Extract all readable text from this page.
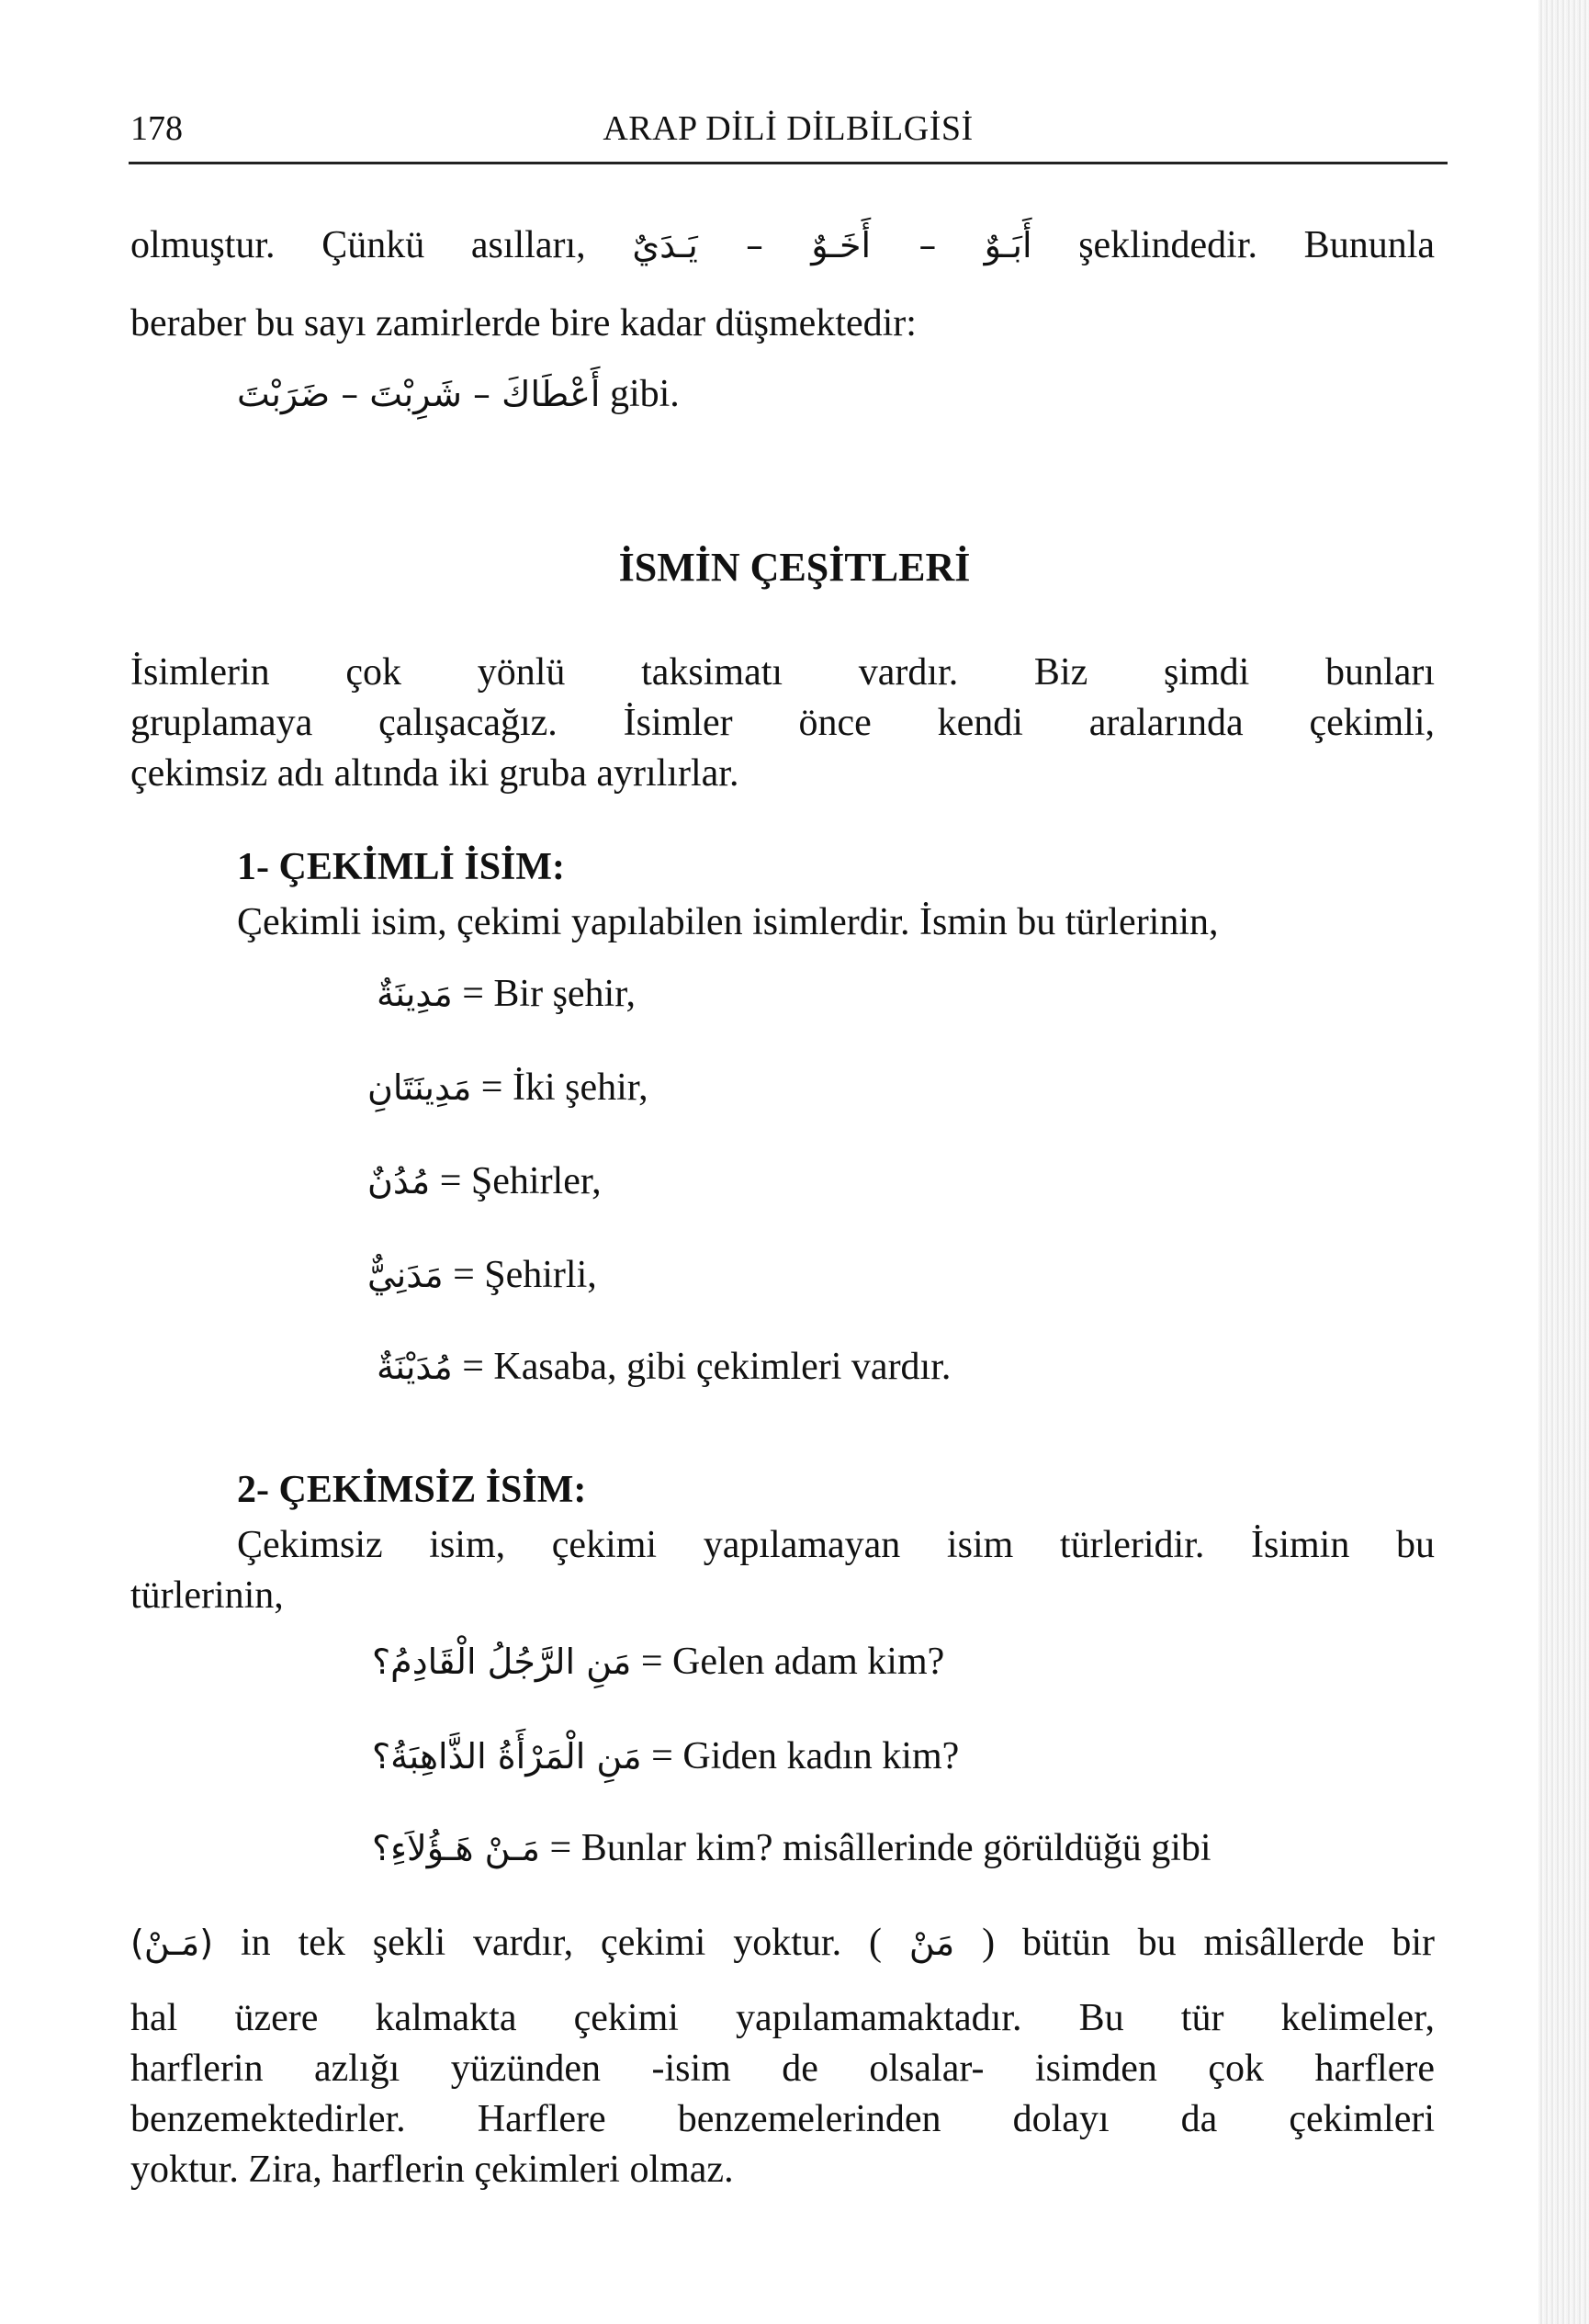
178	ARAP DİLİ DİLBİLGİSİ
olmuştur. Çünkü asılları, أَبَـوٌ – أَخَـوٌ – يَـدَيٌ şeklindedir. Bununla
beraber bu sayı zamirlerde bire kadar düşmektedir:
أَعْطَاكَ – شَرِبْتَ – ضَرَبْتَ gibi.
İSMİN ÇEŞİTLERİ
İsimlerin çok yönlü taksimatı vardır. Biz şimdi bunları
gruplamaya çalışacağız. İsimler önce kendi aralarında çekimli,
çekimsiz adı altında iki gruba ayrılırlar.
1- ÇEKİMLİ İSİM:
Çekimli isim, çekimi yapılabilen isimlerdir. İsmin bu türlerinin,
مَدِينَةٌ = Bir şehir,
مَدِينَتَانِ = İki şehir,
مُدُنٌ = Şehirler,
مَدَنِيٌّ = Şehirli,
مُدَيْنَةٌ = Kasaba, gibi çekimleri vardır.
2- ÇEKİMSİZ İSİM:
Çekimsiz isim, çekimi yapılamayan isim türleridir. İsimin bu
türlerinin,
مَنِ الرَّجُلُ الْقَادِمُ؟ = Gelen adam kim?
مَنِ الْمَرْأَةُ الذَّاهِبَةُ؟ = Giden kadın kim?
مَـنْ هَـؤُلاَءِ؟ = Bunlar kim? misâllerinde görüldüğü gibi
(مَـنْ) in tek şekli vardır, çekimi yoktur. ( مَنْ ) bütün bu misâllerde bir
hal üzere kalmakta çekimi yapılamamaktadır. Bu tür kelimeler,
harflerin azlığı yüzünden -isim de olsalar- isimden çok harflere
benzemektedirler. Harflere benzemelerinden dolayı da çekimleri
yoktur. Zira, harflerin çekimleri olmaz.
